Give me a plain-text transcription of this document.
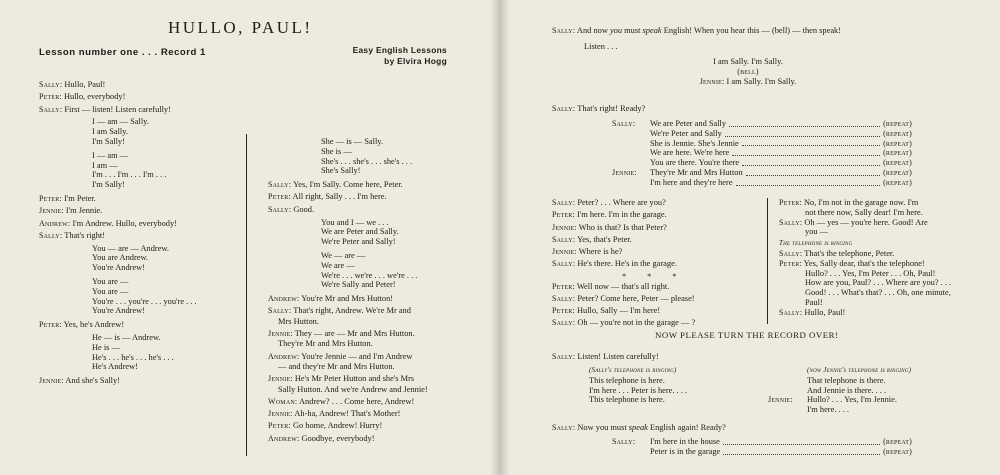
HULLO, PAUL!
Lesson number one . . . Record 1	Easy English Lessons
by Elvira Hogg
Sally: Hullo, Paul!
Peter: Hullo, everybody!
Sally: First — listen! Listen carefully!
I — am — Sally.
I am Sally.
I'm Sally!
I — am —
I am —
I'm . . . I'm . . . I'm . . .
I'm Sally!
Peter: I'm Peter.
Jennie: I'm Jennie.
Andrew: I'm Andrew. Hullo, everybody!
Sally: That's right!
You — are — Andrew.
You are Andrew.
You're Andrew!
You are —
You are —
You're . . . you're . . . you're . . .
You're Andrew!
Peter: Yes, he's Andrew!
He — is — Andrew.
He is —
He's . . . he's . . . he's . . .
He's Andrew!
Jennie: And she's Sally!
She — is — Sally.
She is —
She's . . . she's . . . she's . . .
She's Sally!
Sally: Yes, I'm Sally. Come here, Peter.
Peter: All right, Sally . . . I'm here.
Sally: Good.
You and I — we . . .
We are Peter and Sally.
We're Peter and Sally!
We — are —
We are —
We're . . . we're . . . we're . . .
We're Sally and Peter!
Andrew: You're Mr and Mrs Hutton!
Sally: That's right, Andrew. We're Mr and
Mrs Hutton.
Jennie: They — are — Mr and Mrs Hutton.
They're Mr and Mrs Hutton.
Andrew: You're Jennie — and I'm Andrew
— and they're Mr and Mrs Hutton.
Jennie: He's Mr Peter Hutton and she's Mrs
Sally Hutton. And we're Andrew and Jennie!
Woman: Andrew? . . . Come here, Andrew!
Jennie: Ah-ha, Andrew! That's Mother!
Peter: Go home, Andrew! Hurry!
Andrew: Goodbye, everybody!
Sally: And now you must speak English! When you hear this — (bell) — then speak!
Listen . . .
I am Sally. I'm Sally.
(bell)
Jennie: I am Sally. I'm Sally.
Sally: That's right! Ready?
Sally:	We are Peter and Sally	(repeat)
We're Peter and Sally	(repeat)
She is Jennie. She's Jennie	(repeat)
We are here. We're here	(repeat)
You are there. You're there	(repeat)
Jennie:	They're Mr and Mrs Hutton	(repeat)
I'm here and they're here	(repeat)
Sally: Peter? . . . Where are you?
Peter: I'm here. I'm in the garage.
Jennie: Who is that? Is that Peter?
Sally: Yes, that's Peter.
Jennie: Where is he?
Sally: He's there. He's in the garage.
*          *          *
Peter: Well now — that's all right.
Sally: Peter? Come here, Peter — please!
Peter: Hullo, Sally — I'm here!
Sally: Oh — you're not in the garage — ?
Peter: No, I'm not in the garage now. I'm
not there now, Sally dear! I'm here.
Sally: Oh — yes — you're here. Good! Are
you —
The telephone is ringing
Sally: That's the telephone, Peter.
Peter: Yes, Sally dear, that's the telephone!
Hullo? . . . Yes, I'm Peter . . . Oh, Paul!
How are you, Paul? . . . Where are you? . . .
Good! . . . What's that? . . . Oh, one minute,
Paul!
Sally: Hullo, Paul!
NOW PLEASE TURN THE RECORD OVER!
Sally: Listen! Listen carefully!
(Sally's telephone is ringing)
This telephone is here.
I'm here . . . Peter is here. . . .
This telephone is here.
(now Jennie's telephone is ringing)
That telephone is there.
And Jennie is there. . . .
Jennie: Hullo? . . . Yes, I'm Jennie.
I'm here. . . .
Sally: Now you must speak English again! Ready?
Sally:	I'm here in the house	(repeat)
Peter is in the garage	(repeat)
